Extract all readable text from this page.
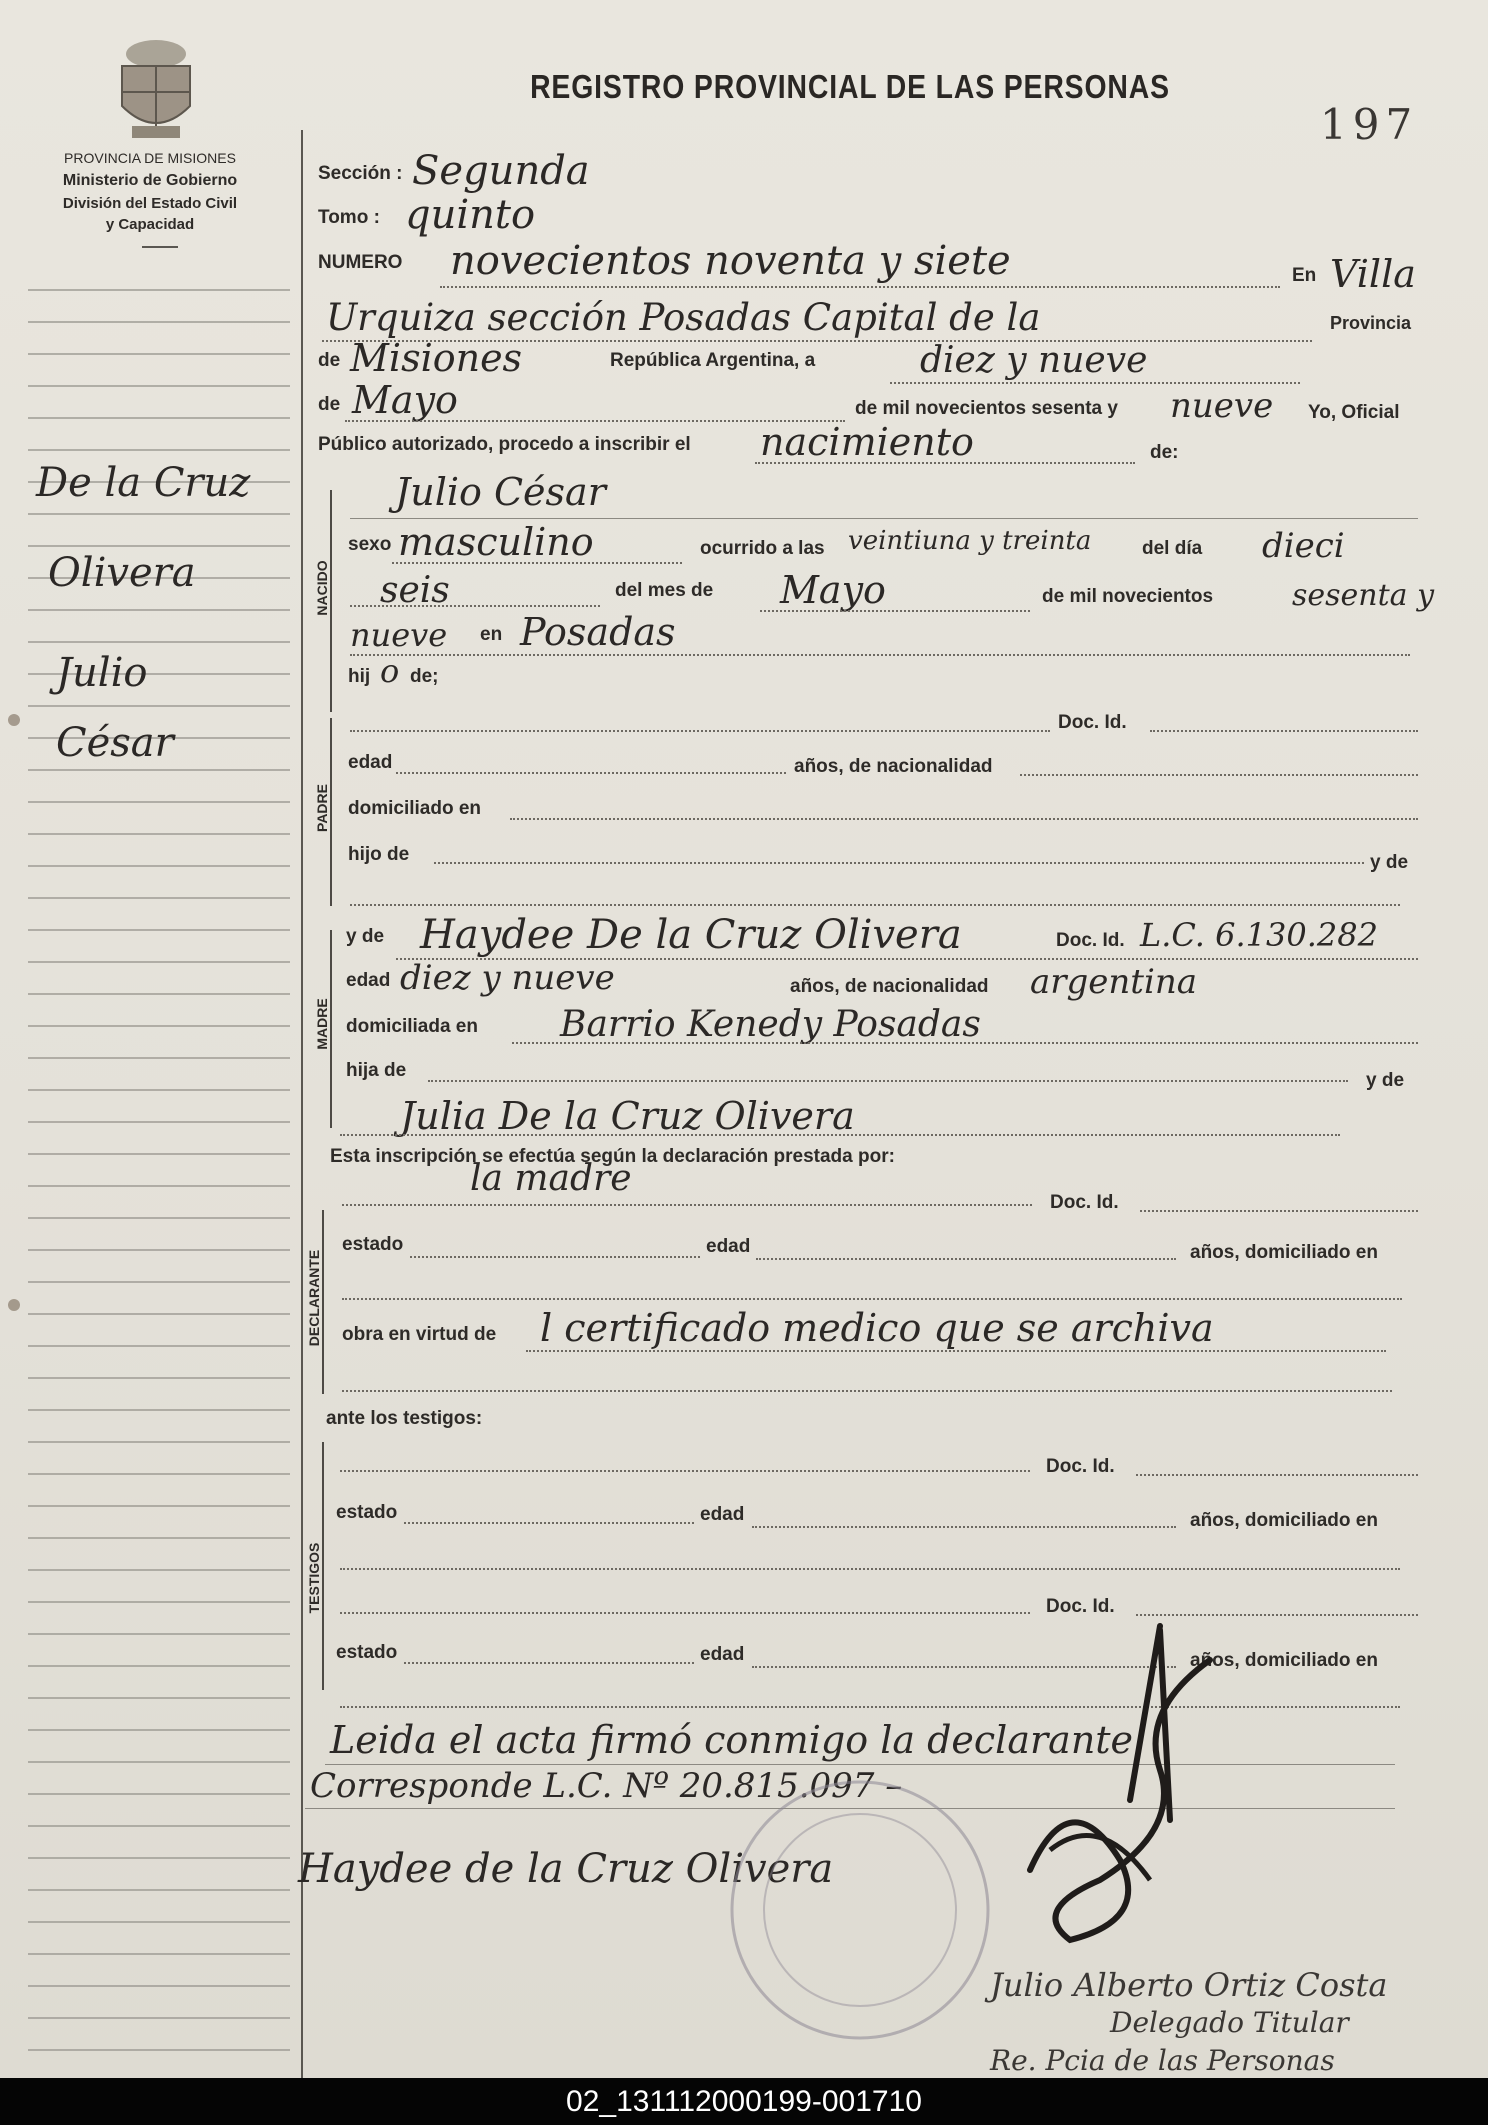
PROVINCIA DE MISIONES
Ministerio de Gobierno
División del Estado Civil
y Capacidad
REGISTRO PROVINCIAL DE LAS PERSONAS
197
Sección : Segunda
Tomo : quinto
NUMERO novecientos noventa y siete	En Villa
Urquiza sección Posadas Capital de la	Provincia
de Misiones	República Argentina, a	diez y nueve
de Mayo	de mil novecientos sesenta y nueve Yo, Oficial
Público autorizado, procedo a inscribir el nacimiento	de:
NACIDO
Julio César
sexo masculino	ocurrido a las veintiuna y treinta	del día dieci
seis	del mes de Mayo	de mil novecientos	sesenta y
nueve en Posadas
hij o de;
PADRE
Doc. Id.
edad	años, de nacionalidad
domiciliado en
hijo de	y de
MADRE
y de Haydee De la Cruz Olivera	Doc. Id. L.C. 6.130.282
edad diez y nueve	años, de nacionalidad argentina
domiciliada en Barrio Kenedy Posadas
hija de	y de
Julia De la Cruz Olivera
Esta inscripción se efectúa según la declaración prestada por:
la madre
Doc. Id.
DECLARANTE
estado	edad	años, domiciliado en
obra en virtud de l certificado medico que se archiva
ante los testigos:
TESTIGOS
Doc. Id.
estado	edad	años, domiciliado en
Doc. Id.
estado	edad	años, domiciliado en
Leida el acta firmó conmigo la declarante
Corresponde L.C. Nº 20.815.097 –
Haydee de la Cruz Olivera
Julio Alberto Ortiz Costa
Delegado Titular
Re. Pcia de las Personas
De la Cruz
Olivera
Julio
César
02_131112000199-001710
